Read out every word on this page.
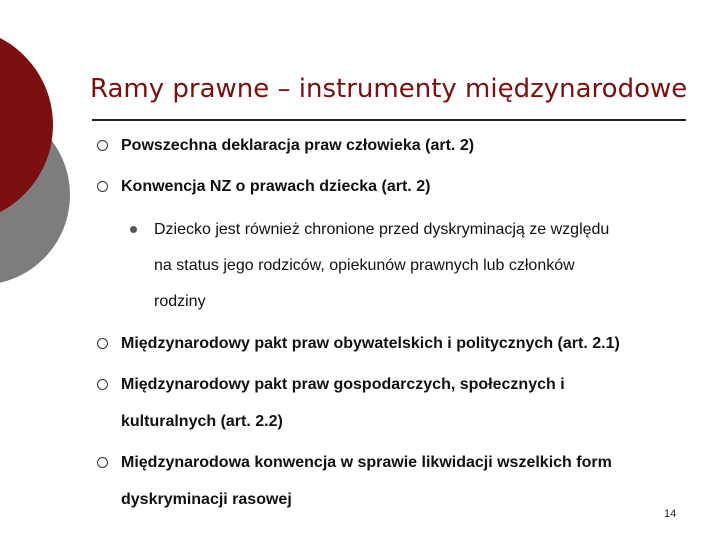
Ramy prawne – instrumenty międzynarodowe
Powszechna deklaracja praw człowieka (art. 2)
Konwencja NZ o prawach dziecka (art. 2)
Dziecko jest również chronione przed dyskryminacją ze względu
na status jego rodziców, opiekunów prawnych lub członków
rodziny
Międzynarodowy pakt praw obywatelskich i politycznych (art. 2.1)
Międzynarodowy pakt praw gospodarczych, społecznych i
kulturalnych (art. 2.2)
Międzynarodowa konwencja w sprawie likwidacji wszelkich form
dyskryminacji rasowej
14
